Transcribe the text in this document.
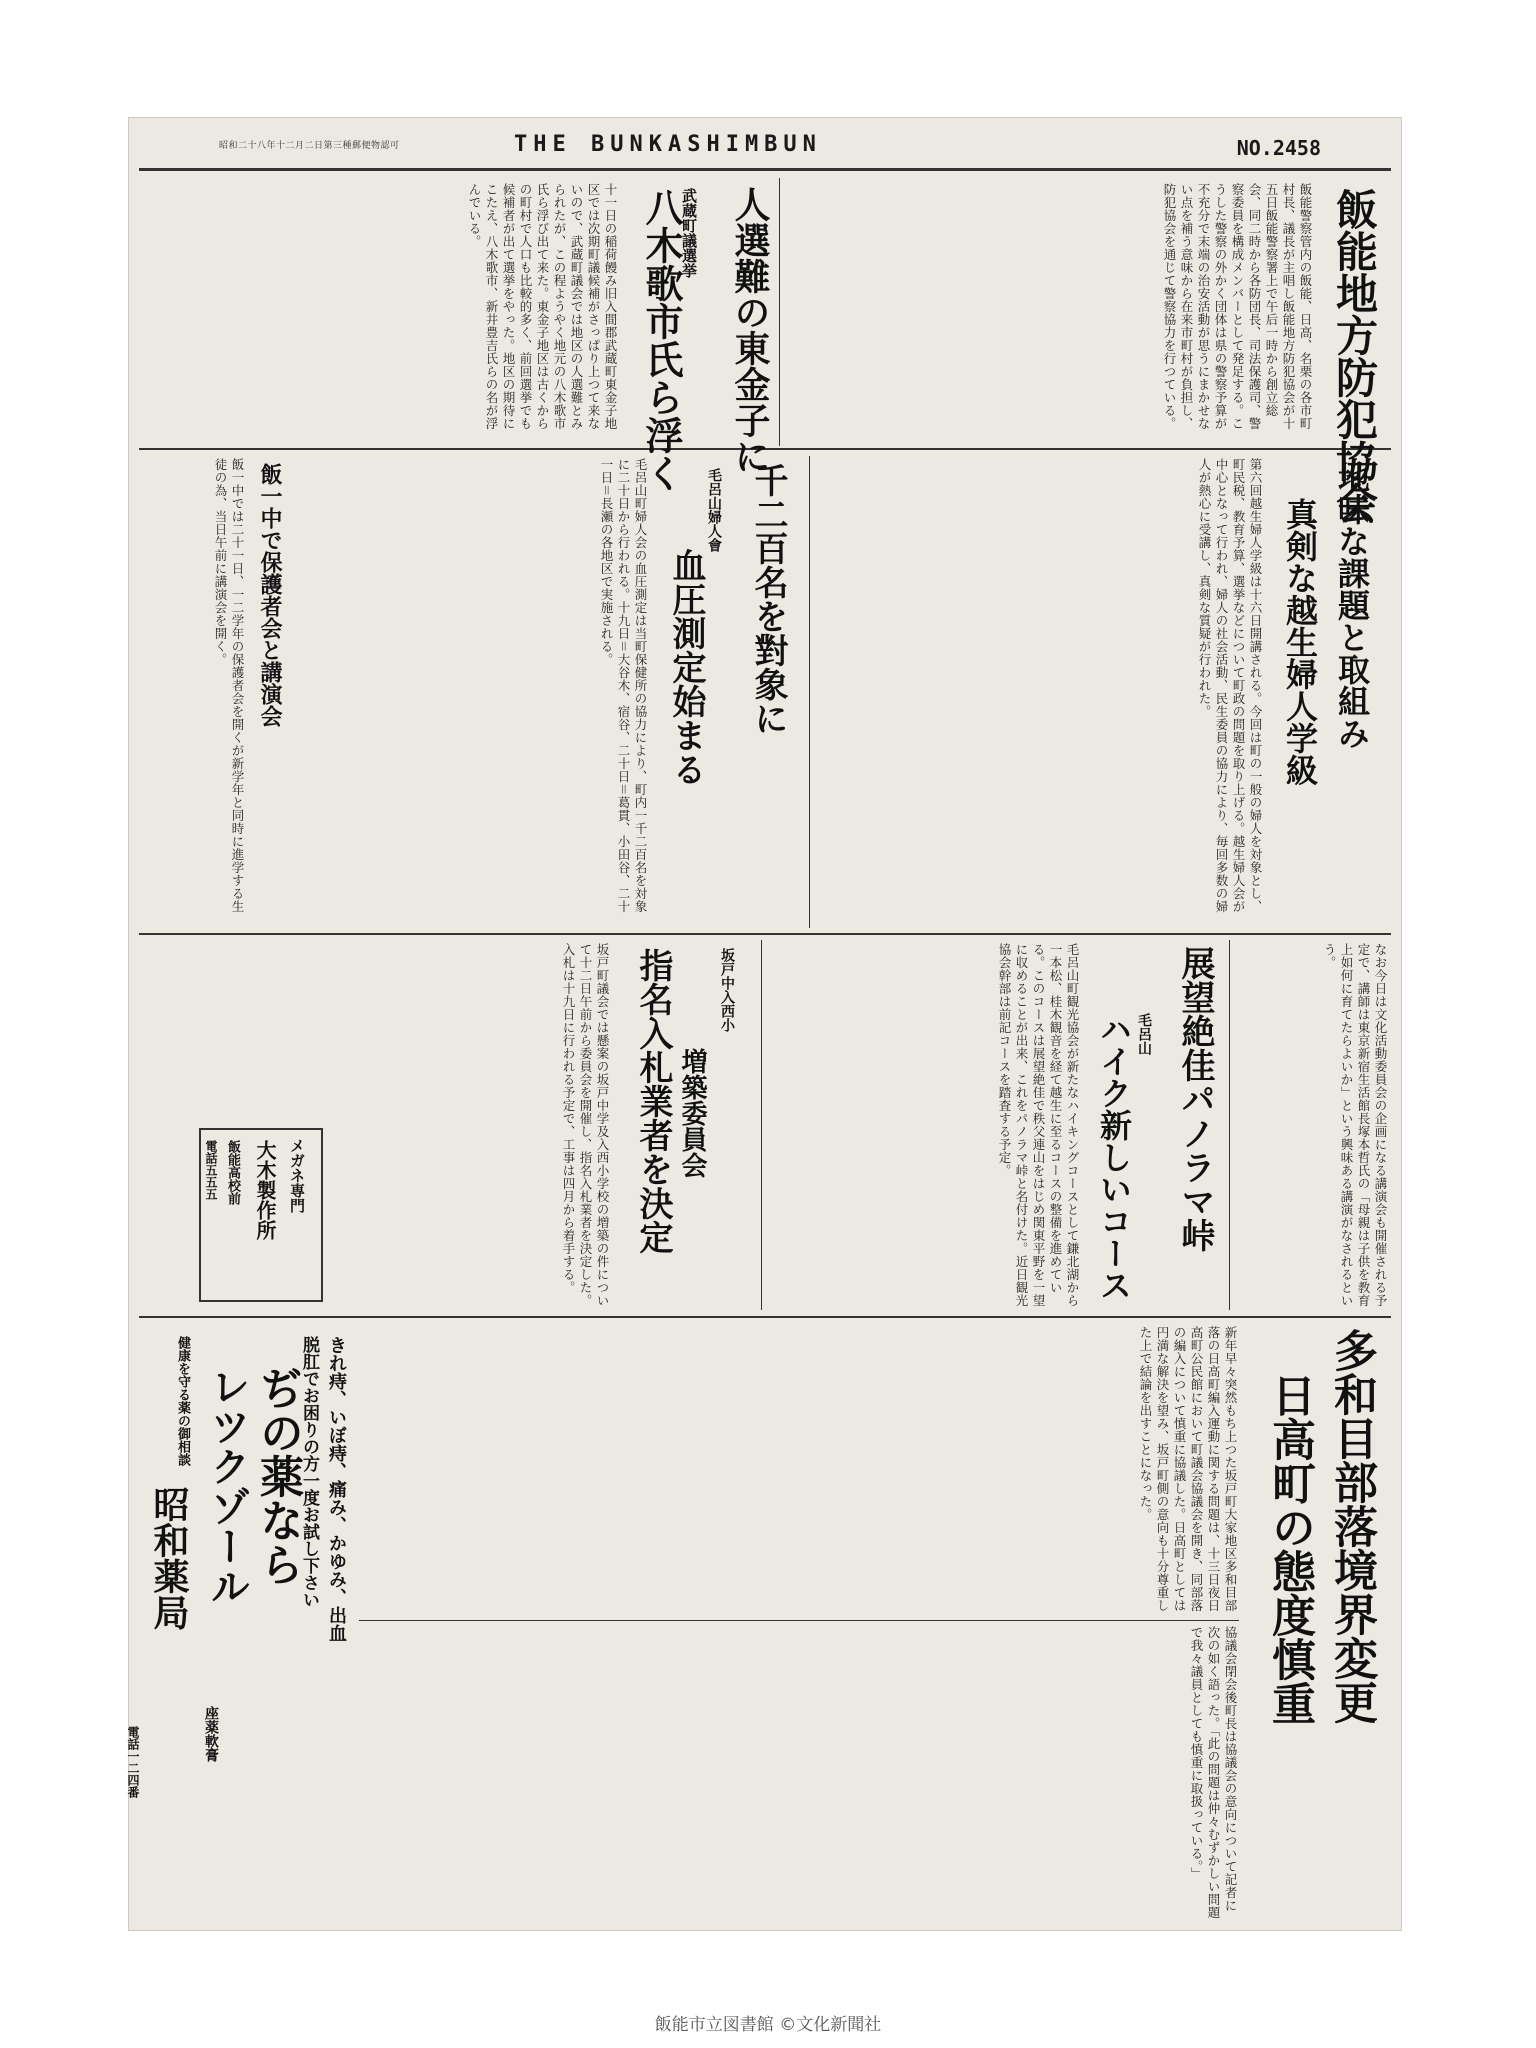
昭和二十八年十二月二日第三種郵便物認可	THE BUNKASHIMBUN	NO.2458
飯能地方防犯協会
飯能警察管内の飯能、日高、名栗の各市町村長、議長が主唱し飯能地方防犯協会が十五日飯能警察署上で午后一時から創立総会、同二時から各防団長、司法保護司、警察委員を構成メンバーとして発足する。こうした警察の外かく団体は県の警察予算が不充分で末端の治安活動が思うにまかせない点を補う意味から在来市町村が負担し、防犯協会を通じて警察協力を行つている。
人選難の東金子に
武蔵町議選挙
八木歌市氏ら浮く
十一日の稲荷饅み旧入間郡武蔵町東金子地区では次期町議候補がさっぱり上つて来ないので、武蔵町議会では地区の人選難とみられたが、この程ようやく地元の八木歌市氏ら浮び出て来た。東金子地区は古くからの町村で人口も比較的多く、前回選挙でも候補者が出て選挙をやった。地区の期待にこたえ、八木歌市、新井豊吉氏らの名が浮んでいる。
地味な課題と取組み
真剣な越生婦人学級
第六回越生婦人学級は十六日開講される。今回は町の一般の婦人を対象とし、町民税、教育予算、選挙などについて町政の問題を取り上げる。越生婦人会が中心となって行われ、婦人の社会活動、民生委員の協力により、毎回多数の婦人が熱心に受講し、真剣な質疑が行われた。
千二百名を對象に
毛呂山婦人會
血圧測定始まる
毛呂山町婦人会の血圧測定は当町保健所の協力により、町内一千二百名を対象に二十日から行われる。十九日＝大谷木、宿谷、二十日＝葛貫、小田谷、二十一日＝長瀬の各地区で実施される。
飯一中で保護者会と講演会
飯一中では二十一日、一二学年の保護者会を開くが新学年と同時に進学する生徒の為、当日午前に講演会を開く。
なお今日は文化活動委員会の企画になる講演会も開催される予定で、講師は東京新宿生活館長塚本哲氏の「母親は子供を教育上如何に育てたらよいか」という興味ある講演がなされるという。
展望絶佳パノラマ峠
毛呂山
ハイク新しいコース
毛呂山町観光協会が新たなハイキングコースとして鎌北湖から一本松、桂木観音を経て越生に至るコースの整備を進めている。このコースは展望絶佳で秩父連山をはじめ関東平野を一望に収めることが出来、これをパノラマ峠と名付けた。近日観光協会幹部は前記コースを踏査する予定。
坂戸中入西小
増築委員会
指名入札業者を決定
坂戸町議会では懸案の坂戸中学及入西小学校の増築の件について十二日午前から委員会を開催し、指名入札業者を決定した。入札は十九日に行われる予定で、工事は四月から着手する。
メガネ専門
大木製作所
飯能高校前
電話五五五
多和目部落境界変更
日高町の態度慎重
新年早々突然もち上つた坂戸町大家地区多和目部落の日高町編入運動に関する問題は、十三日夜日高町公民館において町議会協議会を開き、同部落の編入について慎重に協議した。日高町としては円満な解決を望み、坂戸町側の意向も十分尊重した上で結論を出すことになった。
協議会閉会後町長は協議会の意向について記者に次の如く語った。「此の問題は仲々むずかしい問題で我々議員としても慎重に取扱っている。」
きれ痔、いぼ痔、痛み、かゆみ、出血
脱肛でお困りの方一度お試し下さい
ぢの薬なら
レツクゾール
座薬軟膏
健康を守る薬の御相談
昭和薬局
電話一二四番
飯能市立図書館 ©文化新聞社
